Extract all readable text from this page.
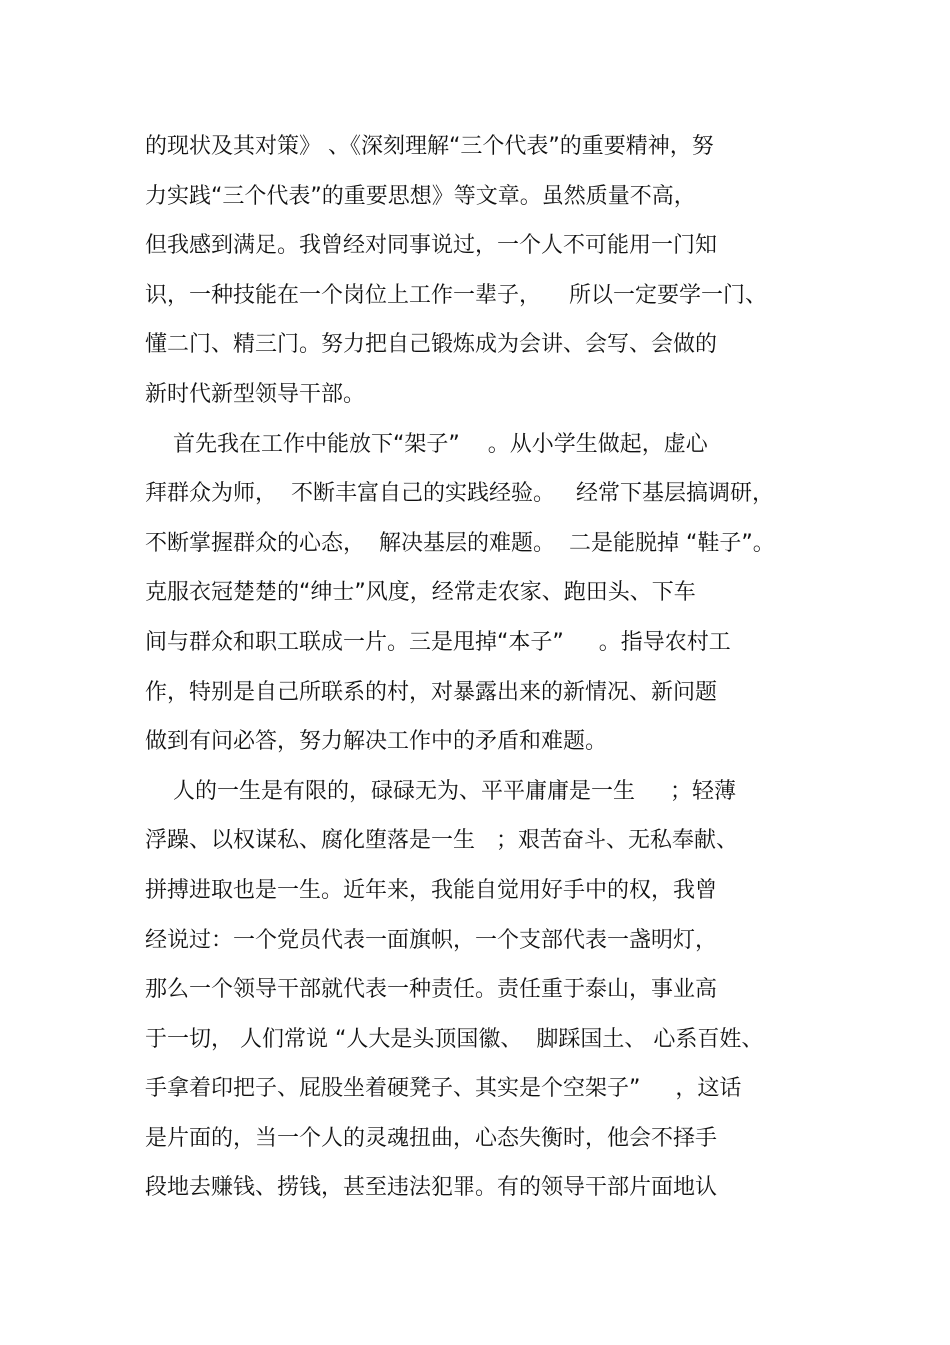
的现状及其对策》 、《深刻理解“三个代表”的重要精神，努
力实践“三个代表”的重要思想》等文章。虽然质量不高，
但我感到满足。我曾经对同事说过，一个人不可能用一门知
识，一种技能在一个岗位上工作一辈子，    所以一定要学一门、
懂二门、精三门。努力把自己锻炼成为会讲、会写、会做的
新时代新型领导干部。
首先我在工作中能放下“架子”    。从小学生做起，虚心
拜群众为师，  不断丰富自己的实践经验。   经常下基层搞调研，
不断掌握群众的心态，  解决基层的难题。  二是能脱掉 “鞋子”。
克服衣冠楚楚的“绅士”风度，经常走农家、跑田头、下车
间与群众和职工联成一片。三是甩掉“本子”     。指导农村工
作，特别是自己所联系的村，对暴露出来的新情况、新问题
做到有问必答，努力解决工作中的矛盾和难题。
人的一生是有限的，碌碌无为、平平庸庸是一生     ；轻薄
浮躁、以权谋私、腐化堕落是一生   ；艰苦奋斗、无私奉献、
拼搏进取也是一生。近年来，我能自觉用好手中的权，我曾
经说过：一个党员代表一面旗帜，一个支部代表一盏明灯，
那么一个领导干部就代表一种责任。责任重于泰山，事业高
于一切， 人们常说 “人大是头顶国徽、  脚踩国土、 心系百姓、
手拿着印把子、屁股坐着硬凳子、其实是个空架子”     ，这话
是片面的，当一个人的灵魂扭曲，心态失衡时，他会不择手
段地去赚钱、捞钱，甚至违法犯罪。有的领导干部片面地认
